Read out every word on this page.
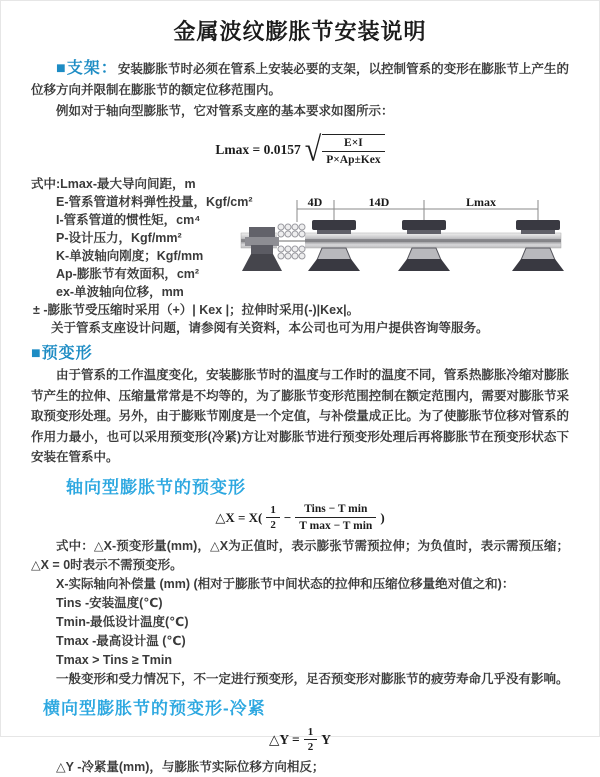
金属波纹膨胀节安装说明

■支架：安装膨胀节时必须在管系上安装必要的支架，以控制管系的变形在膨胀节上产生的位移方向并限制在膨胀节的额定位移范围内。

例如对于轴向型膨胀节，它对管系支座的基本要求如图所示：

Lmax = 0.0157 √ $\frac{E\times I}{\text{P×Ap±Kex}}$
式中:Lmax-最大导向间距，m
E-管系管道材料弹性投量，Kgf/cm²
I-管系管道的惯性矩，cm⁴
P-设计压力，Kgf/mm²
K-单波轴向刚度；Kgf/mm
Ap-膨胀节有效面积，cm²
ex-单波轴向位移，mm
± -膨胀节受压缩时采用（+）| Kex |；拉伸时采用(-)|Kex|。
关于管系支座设计问题，请参阅有关资料，本公司也可为用户提供咨询等服务。
4D	14D	Lmax
■预变形

由于管系的工作温度变化，安装膨胀节时的温度与工作时的温度不同，管系热膨胀冷缩对膨胀节产生的拉伸、压缩量常常是不均等的，为了膨胀节变形范围控制在额定范围内，需要对膨胀节采取预变形处理。另外，由于膨账节刚度是一个定值，与补偿量成正比。为了使膨胀节位移对管系的作用力最小，也可以采用预变形(冷紧)方让对膨胀节进行预变形处理后再将膨胀节在预变形状态下安装在管系中。

轴向型膨胀节的预变形
△X = $X( \frac{1}{2} - \frac{\text{Tins − T min}}{\text{T max − T min}}$ )

式中：△X-预变形量(mm)，△X为正值时，表示膨张节需预拉伸；为负值时，表示需预压缩；△X = 0时表示不需预变形。

X-实际轴向补偿量 (mm) (相对于膨胀节中间状态的拉伸和压缩位移量绝对值之和)：

Tins -安装温度(℃)
Tmin-最低设计温度(℃)
Tmax -最高设计温 (℃)
Tmax > Tins ≥ Tmin

一般变形和受力情况下，不一定进行预变形，足否预变形对膨胀节的疲劳寿命几乎没有影响。

横向型膨胀节的预变形-冷紧
△Y = $\frac{1}{2}$ Y

△Y -冷紧量(mm)，与膨胀节实际位移方向相反；
